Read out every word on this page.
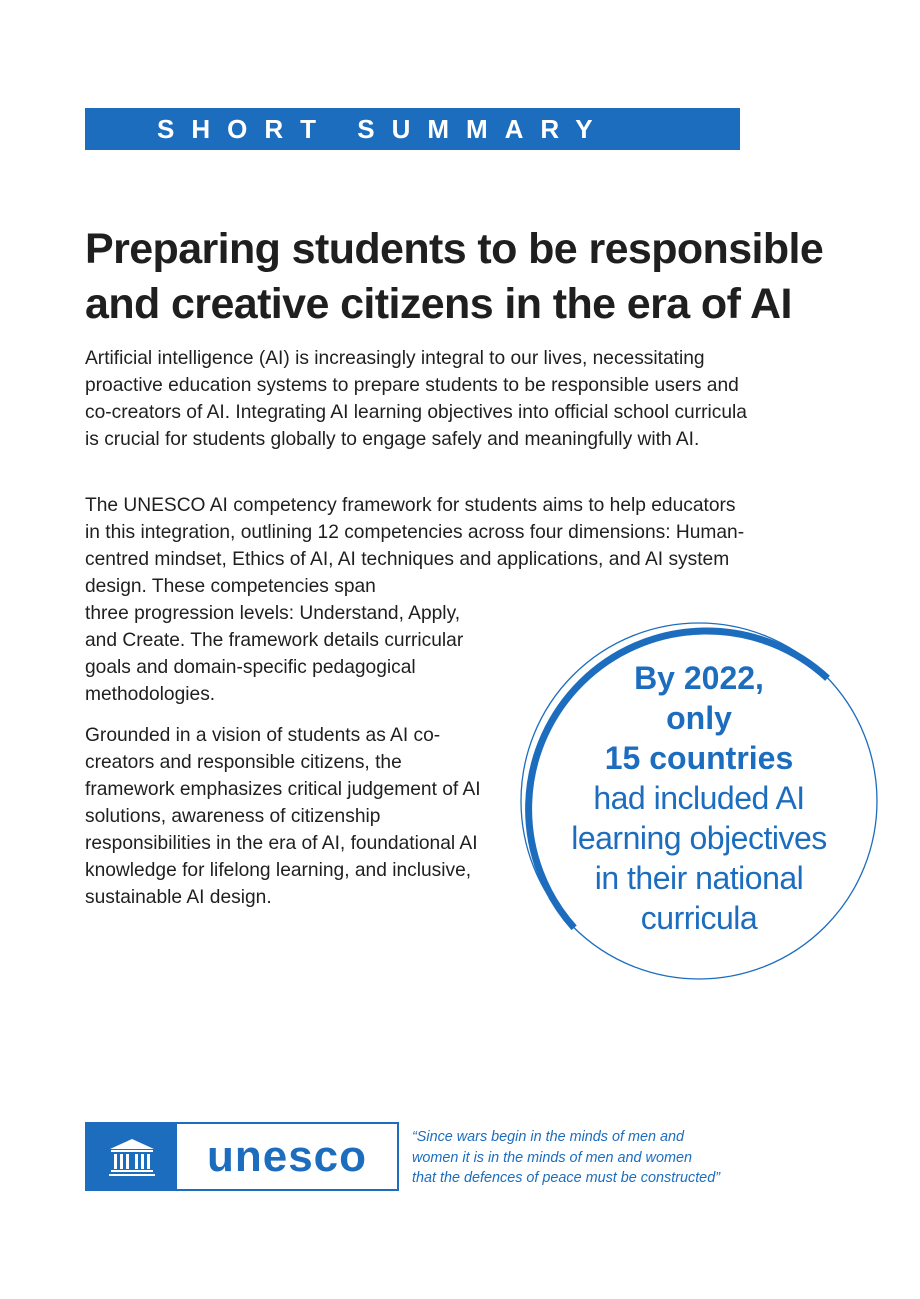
SHORT SUMMARY
Preparing students to be responsible
and creative citizens in the era of AI

Artificial intelligence (AI) is increasingly integral to our lives, necessitating proactive education systems to prepare students to be responsible users and co-creators of AI. Integrating AI learning objectives into official school curricula is crucial for students globally to engage safely and meaningfully with AI.

The UNESCO AI competency framework for students aims to help educators in this integration, outlining 12 competencies across four dimensions: Human-centred mindset, Ethics of AI, AI techniques and applications, and AI system design. These competencies span

three progression levels: Understand, Apply, and Create. The framework details curricular goals and domain-specific pedagogical methodologies.

Grounded in a vision of students as AI co-creators and responsible citizens, the framework emphasizes critical judgement of AI solutions, awareness of citizenship responsibilities in the era of AI, foundational AI knowledge for lifelong learning, and inclusive, sustainable AI design.

By 2022,
only
15 countries
had included AI
learning objectives
in their national
curricula
unesco	“Since wars begin in the minds of men and
women it is in the minds of men and women
that the defences of peace must be constructed”
